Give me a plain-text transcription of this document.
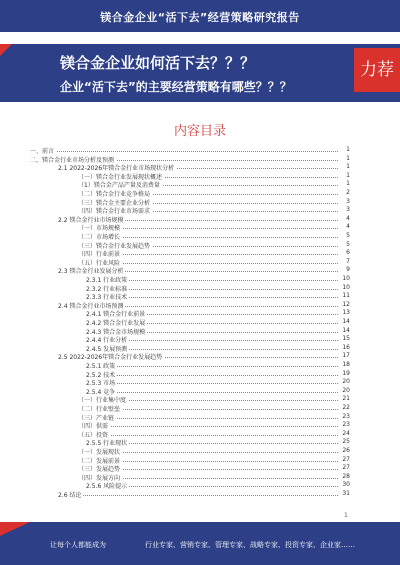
镁合金企业“活下去”经营策略研究报告
镁合金企业如何活下去？？？
企业“活下去”的主要经营策略有哪些？？？
力荐
内容目录
一、前言	1
二、镁合金行业市场分析及预测	1
2.1 2022-2026年镁合金行业市场现状分析	1
（一）镁合金行业发展现状概述	1
（1）镁合金产品产量及消费量	1
（二）镁合金行业竞争格局	2
（三）镁合金主要企业分析	3
（四）镁合金行业市场需求	3
2.2 镁合金行业市场规模	4
（一）市场规模	4
（二）市场增长	5
（三）镁合金行业发展趋势	5
（四）行业前景	6
（五）行业风险	7
2.3 镁合金行业发展分析	9
2.3.1 行业政策	10
2.3.2 行业标准	10
2.3.3 行业技术	11
2.4 镁合金行业市场预测	12
2.4.1 镁合金行业前景	13
2.4.2 镁合金行业发展	14
2.4.3 镁合金市场规模	14
2.4.4 行业分析	15
2.4.5 发展预测	16
2.5 2022-2026年镁合金行业发展趋势	17
2.5.1 政策	18
2.5.2 技术	19
2.5.3 市场	20
2.5.4 竞争	20
（一）行业集中度	21
（二）行业壁垒	22
（三）产业链	23
（四）供需	23
（五）投资	24
2.5.5 行业现状	25
（一）发展现状	26
（二）发展前景	27
（三）发展趋势	27
（四）发展方向	28
2.5.6 风险提示	30
2.6 结论	31
1
让每个人都能成为	行业专家、营销专家、管理专家、战略专家、投资专家、企业家……
